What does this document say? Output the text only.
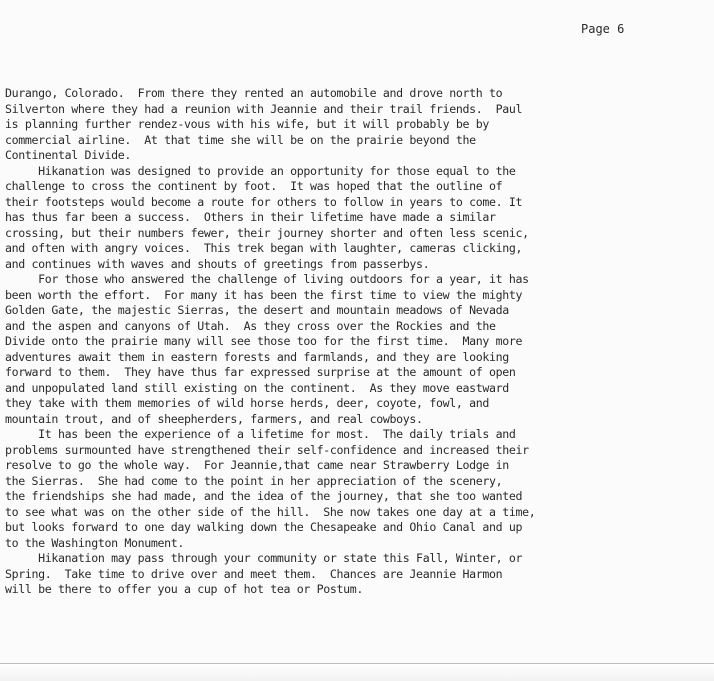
Page 6
Durango, Colorado.  From there they rented an automobile and drove north to
Silverton where they had a reunion with Jeannie and their trail friends.  Paul
is planning further rendez-vous with his wife, but it will probably be by
commercial airline.  At that time she will be on the prairie beyond the
Continental Divide.
Hikanation was designed to provide an opportunity for those equal to the
challenge to cross the continent by foot.  It was hoped that the outline of
their footsteps would become a route for others to follow in years to come. It
has thus far been a success.  Others in their lifetime have made a similar
crossing, but their numbers fewer, their journey shorter and often less scenic,
and often with angry voices.  This trek began with laughter, cameras clicking,
and continues with waves and shouts of greetings from passerbys.
For those who answered the challenge of living outdoors for a year, it has
been worth the effort.  For many it has been the first time to view the mighty
Golden Gate, the majestic Sierras, the desert and mountain meadows of Nevada
and the aspen and canyons of Utah.  As they cross over the Rockies and the
Divide onto the prairie many will see those too for the first time.  Many more
adventures await them in eastern forests and farmlands, and they are looking
forward to them.  They have thus far expressed surprise at the amount of open
and unpopulated land still existing on the continent.  As they move eastward
they take with them memories of wild horse herds, deer, coyote, fowl, and
mountain trout, and of sheepherders, farmers, and real cowboys.
It has been the experience of a lifetime for most.  The daily trials and
problems surmounted have strengthened their self-confidence and increased their
resolve to go the whole way.  For Jeannie,that came near Strawberry Lodge in
the Sierras.  She had come to the point in her appreciation of the scenery,
the friendships she had made, and the idea of the journey, that she too wanted
to see what was on the other side of the hill.  She now takes one day at a time,
but looks forward to one day walking down the Chesapeake and Ohio Canal and up
to the Washington Monument.
Hikanation may pass through your community or state this Fall, Winter, or
Spring.  Take time to drive over and meet them.  Chances are Jeannie Harmon
will be there to offer you a cup of hot tea or Postum.
